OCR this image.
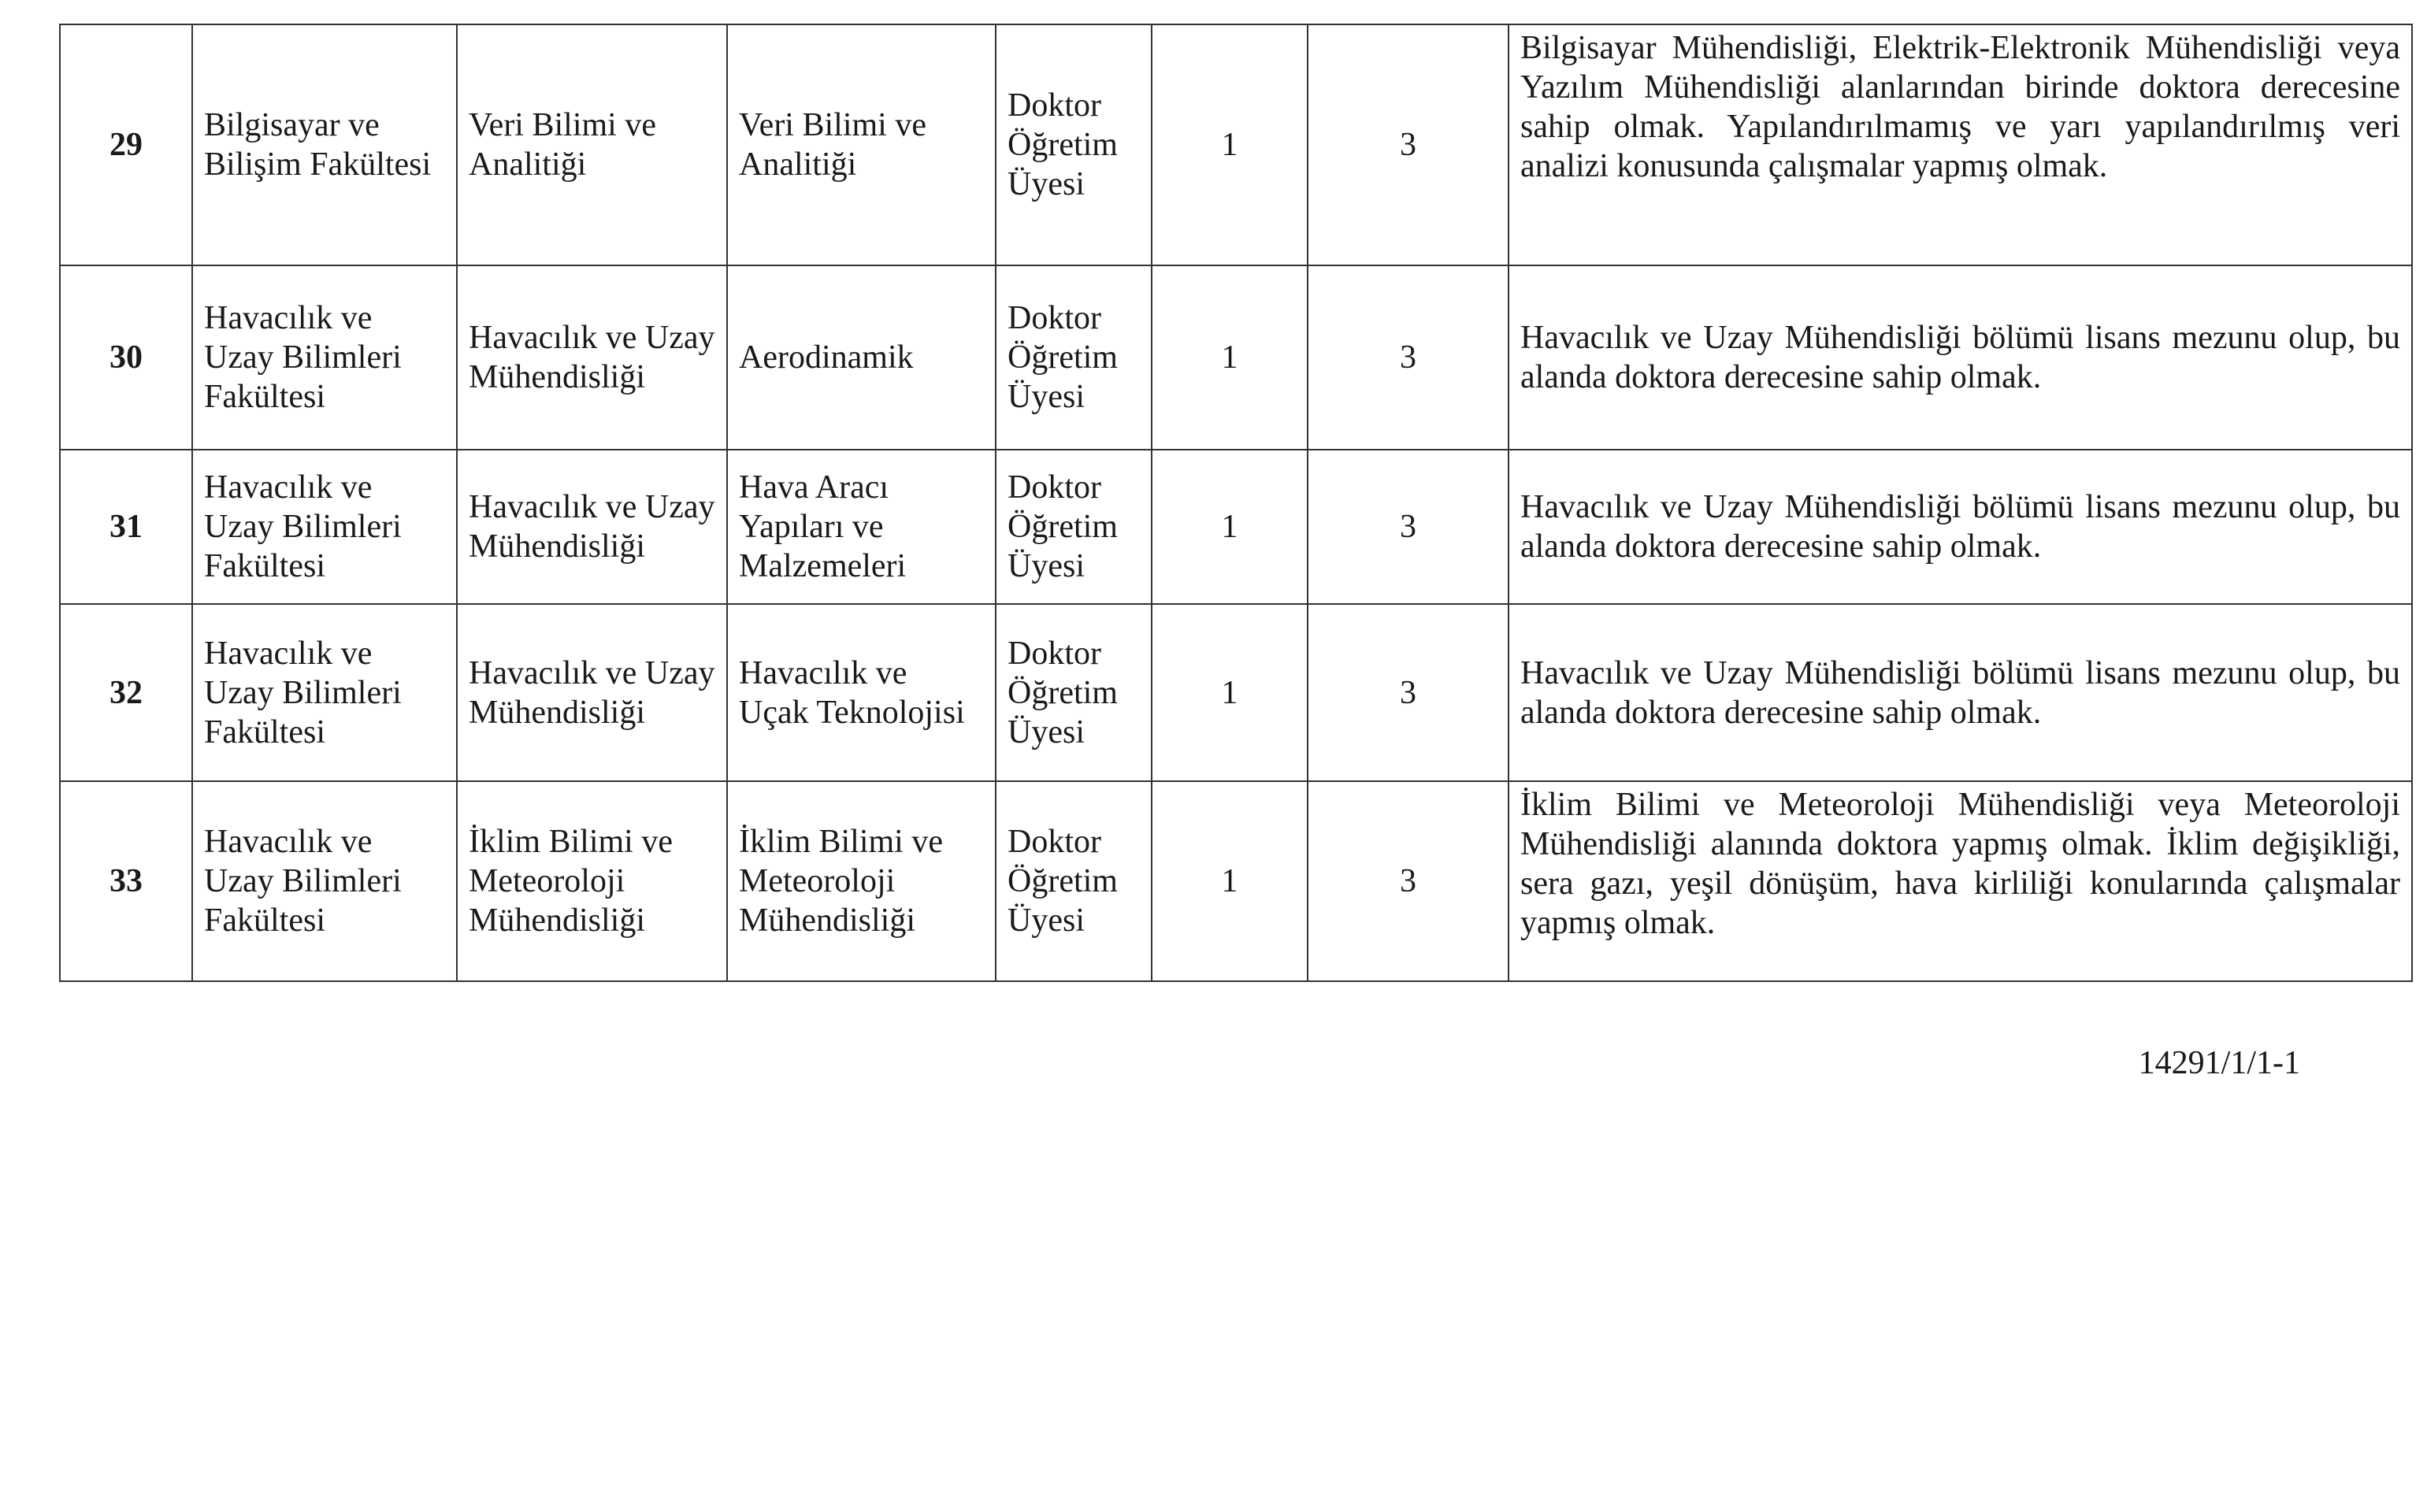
29	Bilgisayar ve Bilişim Fakültesi	Veri Bilimi ve Analitiği	Veri Bilimi ve Analitiği	Doktor Öğretim Üyesi	1	3	Bilgisayar Mühendisliği, Elektrik-Elektronik Mühendisliği veya Yazılım Mühendisliği alanlarından birinde doktora derecesine sahip olmak. Yapılandırılmamış ve yarı yapılandırılmış veri analizi konusunda çalışmalar yapmış olmak.
30	Havacılık ve Uzay Bilimleri Fakültesi	Havacılık ve Uzay Mühendisliği	Aerodinamik	Doktor Öğretim Üyesi	1	3	Havacılık ve Uzay Mühendisliği bölümü lisans mezunu olup, bu alanda doktora derecesine sahip olmak.
31	Havacılık ve Uzay Bilimleri Fakültesi	Havacılık ve Uzay Mühendisliği	Hava Aracı Yapıları ve Malzemeleri	Doktor Öğretim Üyesi	1	3	Havacılık ve Uzay Mühendisliği bölümü lisans mezunu olup, bu alanda doktora derecesine sahip olmak.
32	Havacılık ve Uzay Bilimleri Fakültesi	Havacılık ve Uzay Mühendisliği	Havacılık ve Uçak Teknolojisi	Doktor Öğretim Üyesi	1	3	Havacılık ve Uzay Mühendisliği bölümü lisans mezunu olup, bu alanda doktora derecesine sahip olmak.
33	Havacılık ve Uzay Bilimleri Fakültesi	İklim Bilimi ve Meteoroloji Mühendisliği	İklim Bilimi ve Meteoroloji Mühendisliği	Doktor Öğretim Üyesi	1	3	İklim Bilimi ve Meteoroloji Mühendisliği veya Meteoroloji Mühendisliği alanında doktora yapmış olmak. İklim değişikliği, sera gazı, yeşil dönüşüm, hava kirliliği konularında çalışmalar yapmış olmak.
14291/1/1-1
